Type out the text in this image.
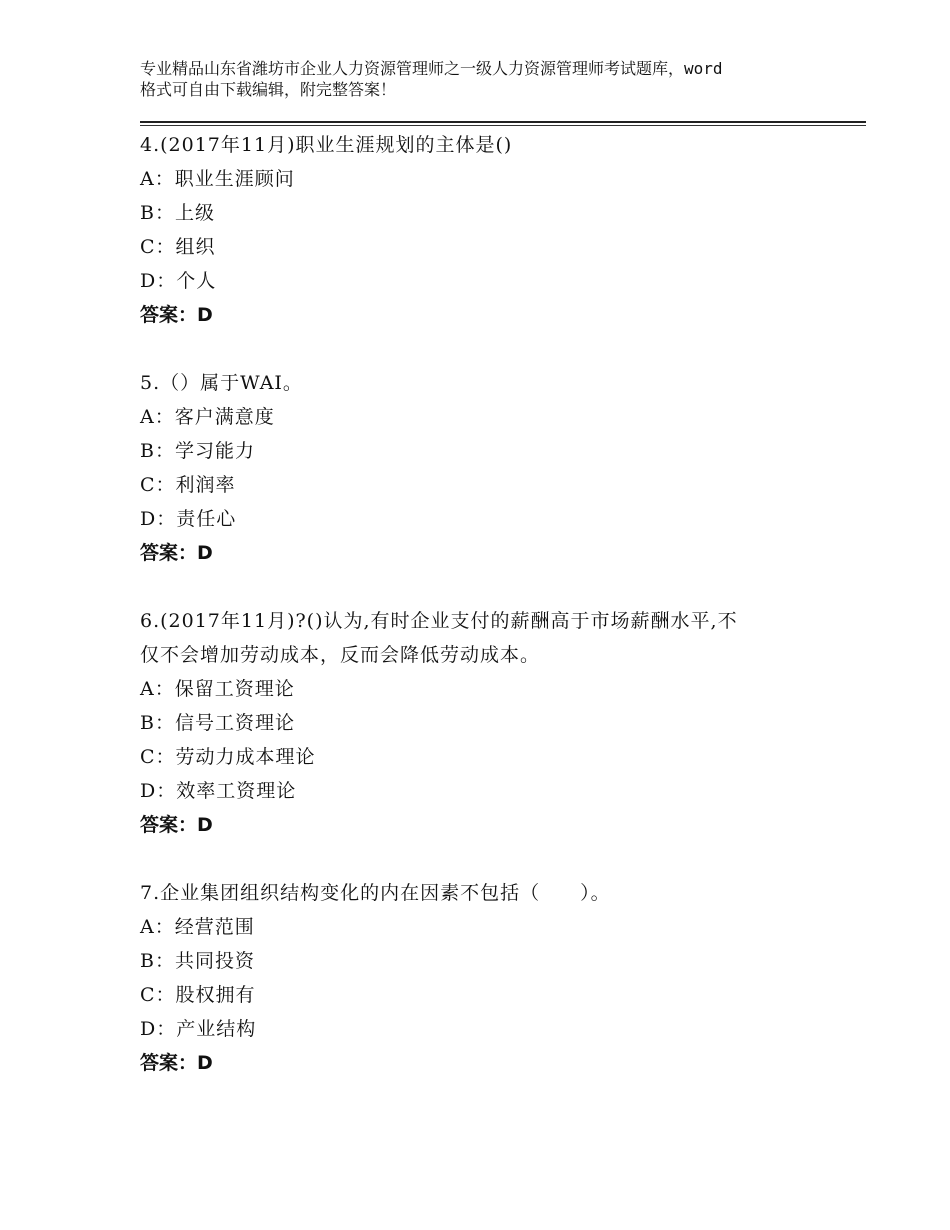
专业精品山东省潍坊市企业人力资源管理师之一级人力资源管理师考试题库，word
格式可自由下载编辑，附完整答案！
4.(2017年11月)职业生涯规划的主体是()
A：职业生涯顾问
B：上级
C：组织
D：个人
答案：D
5.（）属于WAI。
A：客户满意度
B：学习能力
C：利润率
D：责任心
答案：D
6.(2017年11月)?()认为,有时企业支付的薪酬高于市场薪酬水平,不
仅不会增加劳动成本，反而会降低劳动成本。
A：保留工资理论
B：信号工资理论
C：劳动力成本理论
D：效率工资理论
答案：D
7.企业集团组织结构变化的内在因素不包括（　　）。
A：经营范围
B：共同投资
C：股权拥有
D：产业结构
答案：D
